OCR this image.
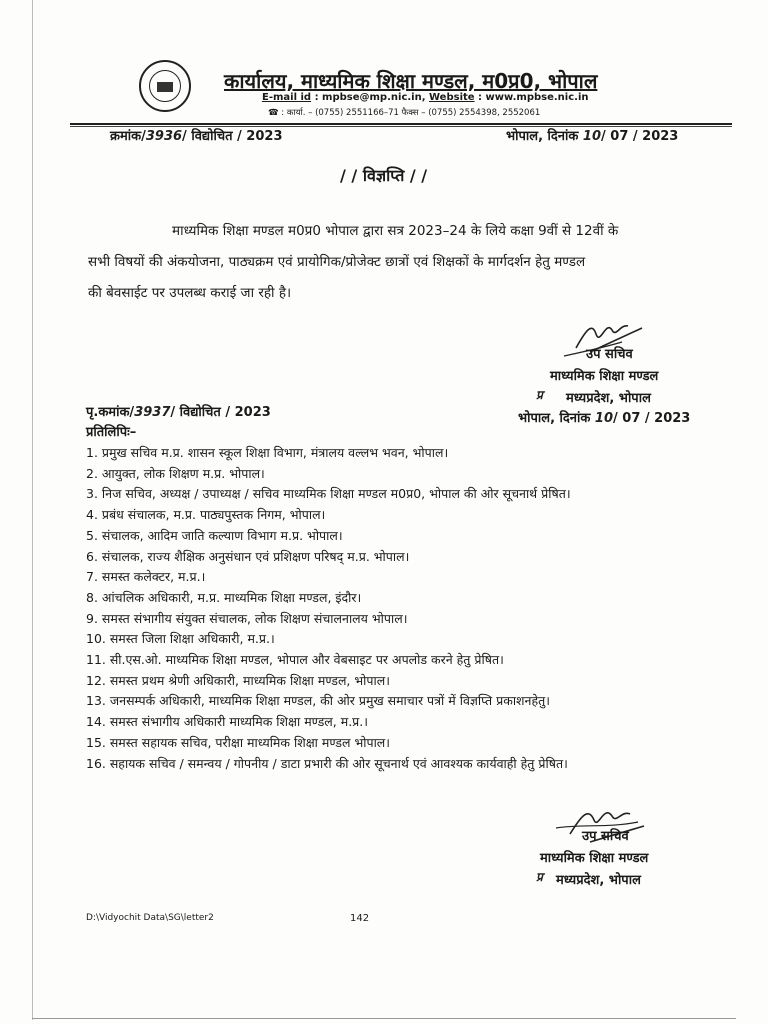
कार्यालय, माध्यमिक शिक्षा मण्डल, म0प्र0, भोपाल
E-mail id : mpbse@mp.nic.in, Website : www.mpbse.nic.in
☎ : कार्या. – (0755) 2551166–71 फैक्स – (0755) 2554398, 2552061
क्रमांक/3936/ विद्योचित / 2023	भोपाल, दिनांक 10/ 07 / 2023
/ / विज्ञप्ति / /
माध्यमिक शिक्षा मण्डल म0प्र0 भोपाल द्वारा सत्र 2023–24 के लिये कक्षा 9वीं से 12वीं के
सभी विषयों की अंकयोजना, पाठ्यक्रम एवं प्रायोगिक/प्रोजेक्ट छात्रों एवं शिक्षकों के मार्गदर्शन हेतु मण्डल
की बेवसाईट पर उपलब्ध कराई जा रही है।
उप सचिव
माध्यमिक शिक्षा मण्डल
प्र मध्यप्रदेश, भोपाल
पृ.कमांक/3937/ विद्योचित / 2023	भोपाल, दिनांक 10/ 07 / 2023
प्रतिलिपिः–
1. प्रमुख सचिव म.प्र. शासन स्कूल शिक्षा विभाग, मंत्रालय वल्लभ भवन, भोपाल।
2. आयुक्त, लोक शिक्षण म.प्र. भोपाल।
3. निज सचिव, अध्यक्ष / उपाध्यक्ष / सचिव माध्यमिक शिक्षा मण्डल म0प्र0, भोपाल की ओर सूचनार्थ प्रेषित।
4. प्रबंध संचालक, म.प्र. पाठ्यपुस्तक निगम, भोपाल।
5. संचालक, आदिम जाति कल्याण विभाग म.प्र. भोपाल।
6. संचालक, राज्य शैक्षिक अनुसंधान एवं प्रशिक्षण परिषद् म.प्र. भोपाल।
7. समस्त कलेक्टर, म.प्र.।
8. आंचलिक अधिकारी, म.प्र. माध्यमिक शिक्षा मण्डल, इंदौर।
9. समस्त संभागीय संयुक्त संचालक, लोक शिक्षण संचालनालय भोपाल।
10. समस्त जिला शिक्षा अधिकारी, म.प्र.।
11. सी.एस.ओ. माध्यमिक शिक्षा मण्डल, भोपाल और वेबसाइट पर अपलोड करने हेतु प्रेषित।
12. समस्त प्रथम श्रेणी अधिकारी, माध्यमिक शिक्षा मण्डल, भोपाल।
13. जनसम्पर्क अधिकारी, माध्यमिक शिक्षा मण्डल, की ओर प्रमुख समाचार पत्रों में विज्ञप्ति प्रकाशनहेतु।
14. समस्त संभागीय अधिकारी माध्यमिक शिक्षा मण्डल, म.प्र.।
15. समस्त सहायक सचिव, परीक्षा माध्यमिक शिक्षा मण्डल भोपाल।
16. सहायक सचिव / समन्वय / गोपनीय / डाटा प्रभारी की ओर सूचनार्थ एवं आवश्यक कार्यवाही हेतु प्रेषित।
उप सचिव
माध्यमिक शिक्षा मण्डल
प्र मध्यप्रदेश, भोपाल
D:\Vidyochit Data\SG\letter2	142
